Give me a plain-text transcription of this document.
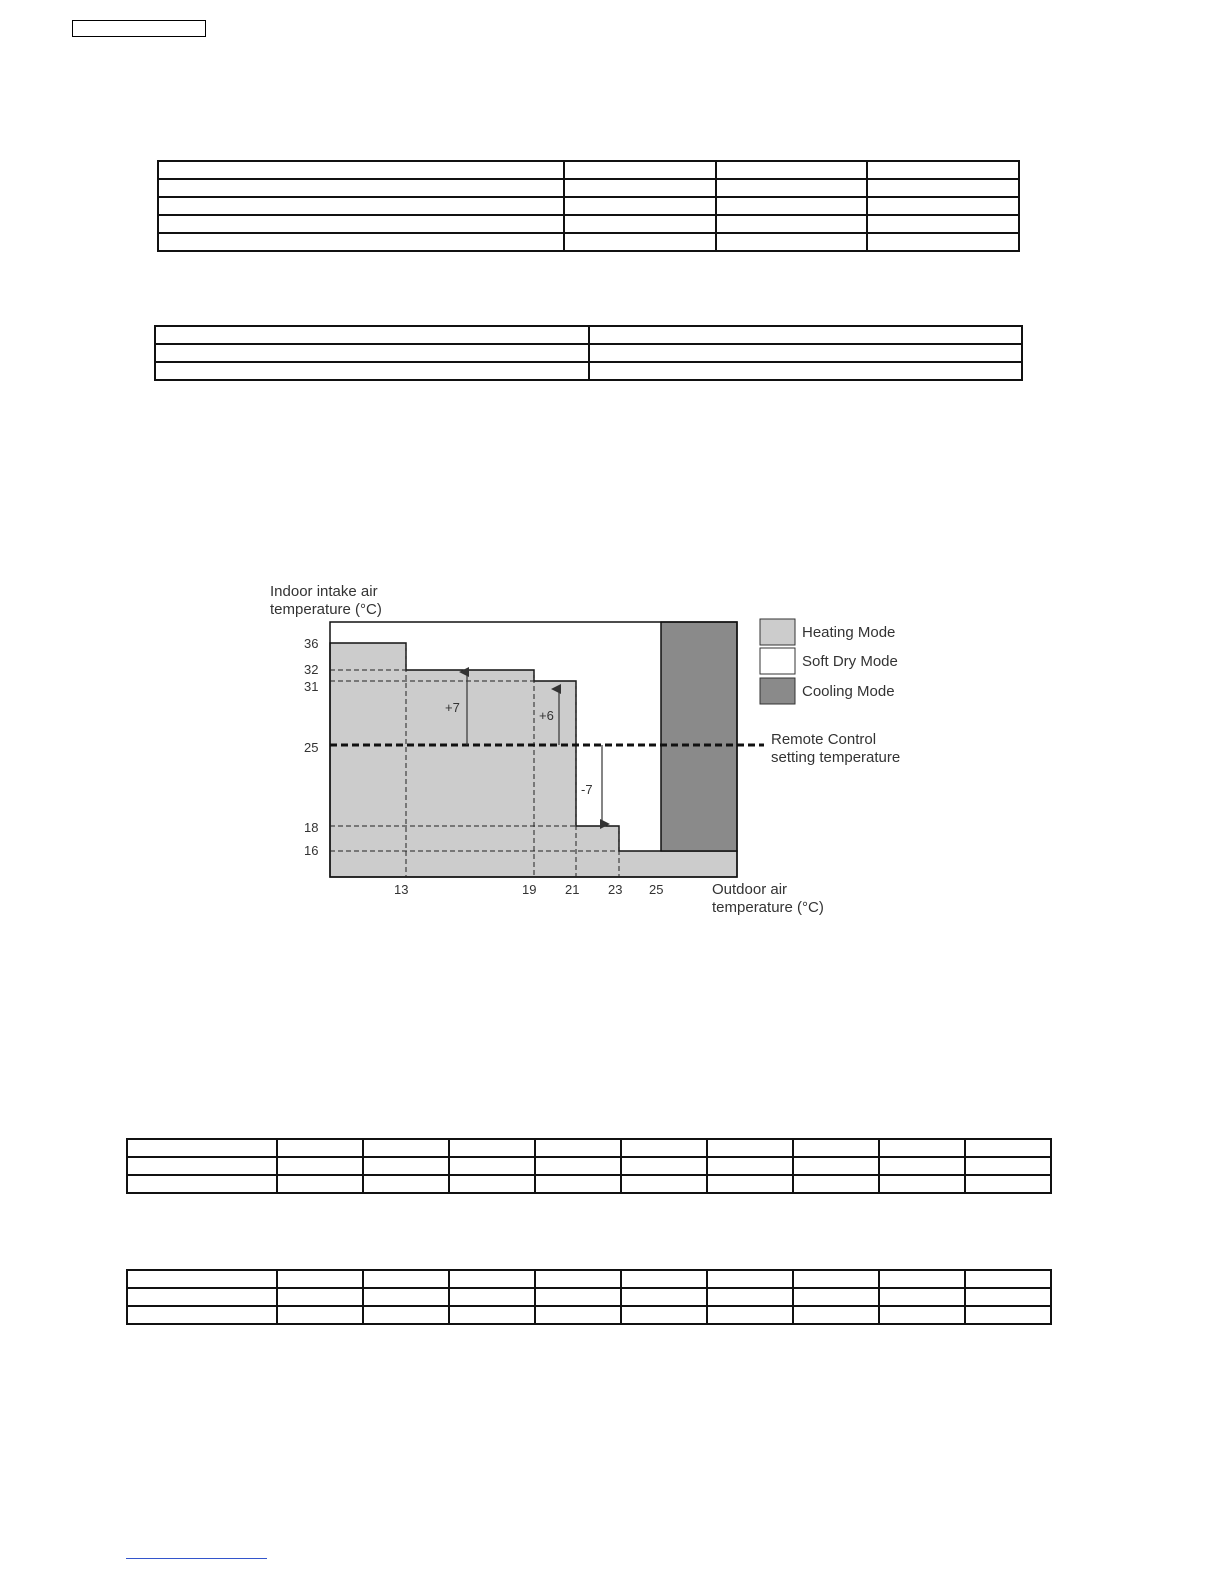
+7
+6
-7
Indoor intake air
temperature (°C)
36
32
31
25
18
16
13	19 21 23 25	Outdoor air
temperature (°C)
Heating Mode
Soft Dry Mode
Cooling Mode
Remote Control
setting temperature
